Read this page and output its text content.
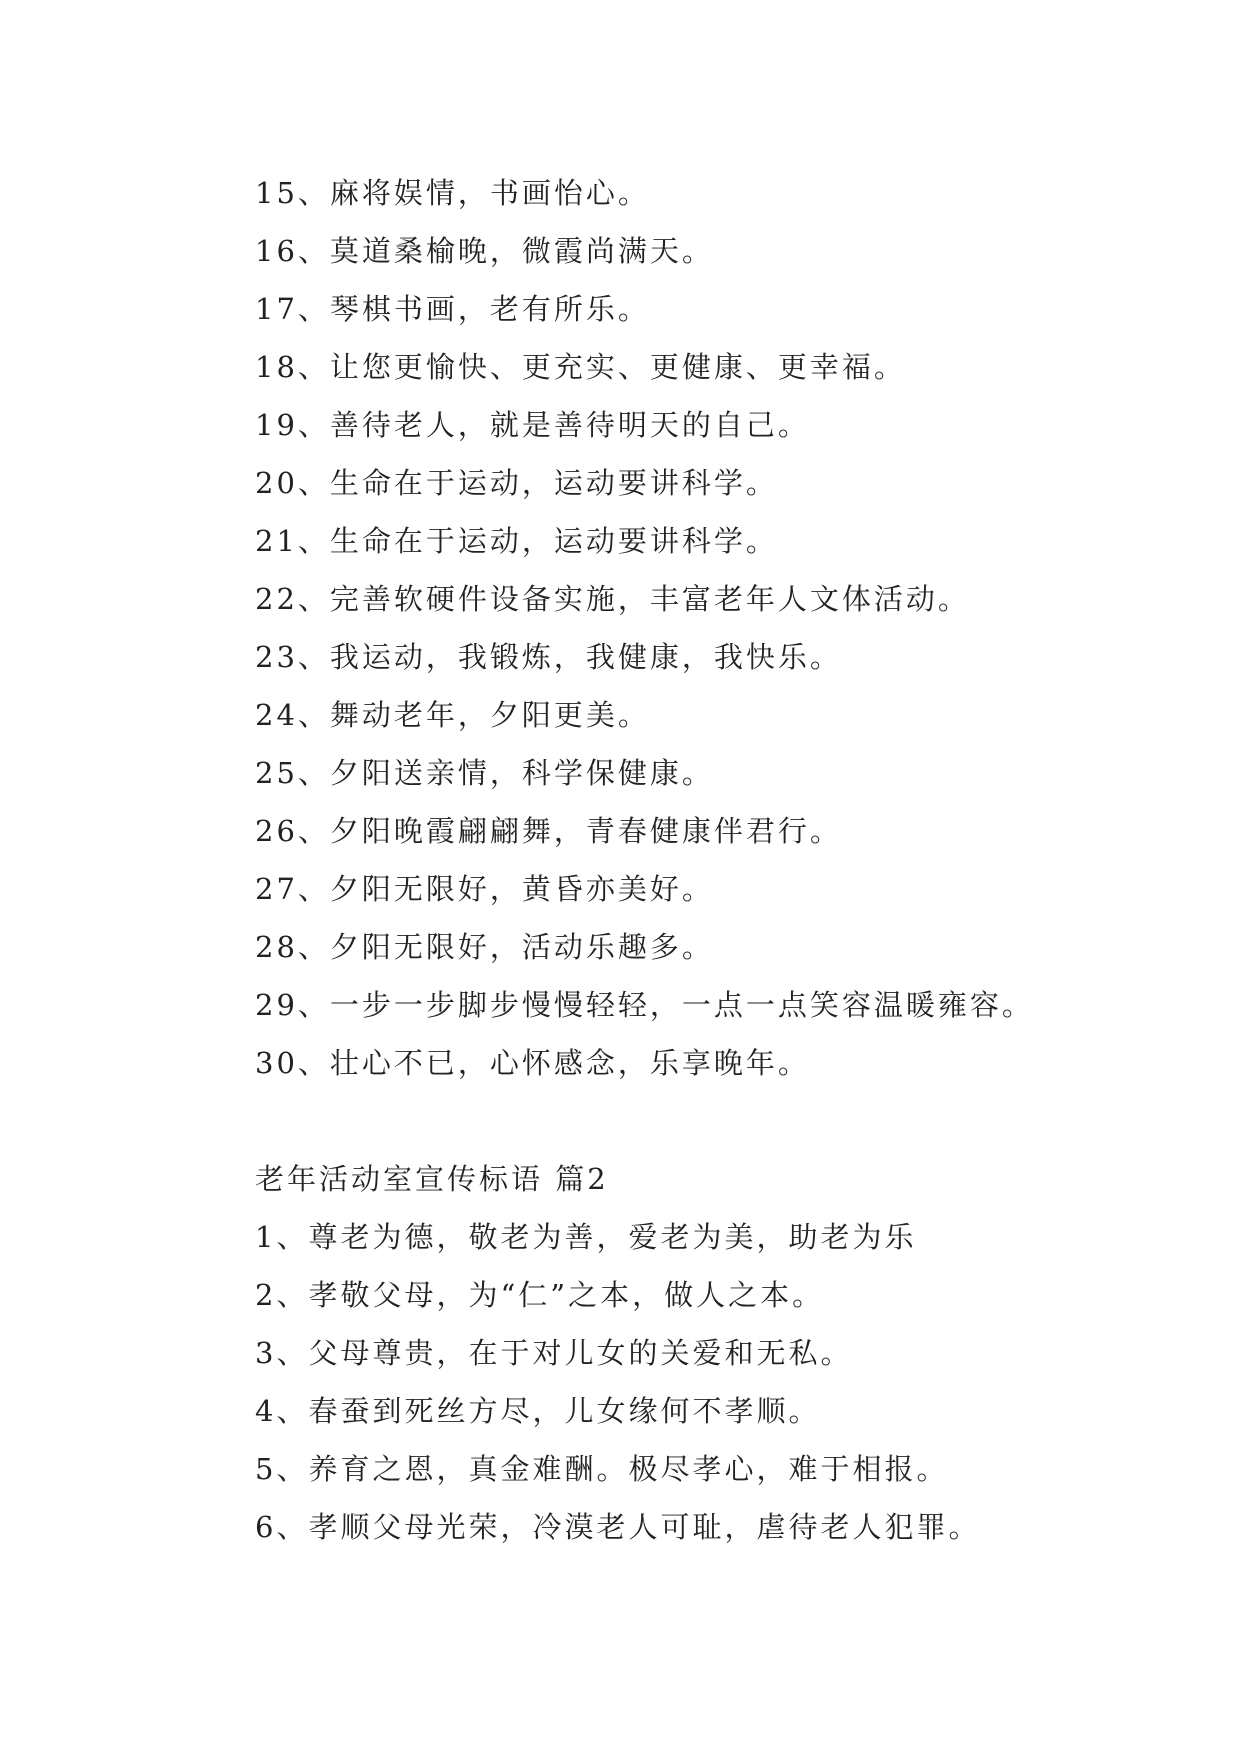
15、麻将娱情，书画怡心。
16、莫道桑榆晚，微霞尚满天。
17、琴棋书画，老有所乐。
18、让您更愉快、更充实、更健康、更幸福。
19、善待老人，就是善待明天的自己。
20、生命在于运动，运动要讲科学。
21、生命在于运动，运动要讲科学。
22、完善软硬件设备实施，丰富老年人文体活动。
23、我运动，我锻炼，我健康，我快乐。
24、舞动老年，夕阳更美。
25、夕阳送亲情，科学保健康。
26、夕阳晚霞翩翩舞，青春健康伴君行。
27、夕阳无限好，黄昏亦美好。
28、夕阳无限好，活动乐趣多。
29、一步一步脚步慢慢轻轻，一点一点笑容温暖雍容。
30、壮心不已，心怀感念，乐享晚年。
老年活动室宣传标语 篇2
1、尊老为德，敬老为善，爱老为美，助老为乐
2、孝敬父母，为“仁”之本，做人之本。
3、父母尊贵，在于对儿女的关爱和无私。
4、春蚕到死丝方尽，儿女缘何不孝顺。
5、养育之恩，真金难酬。极尽孝心，难于相报。
6、孝顺父母光荣，冷漠老人可耻，虐待老人犯罪。
